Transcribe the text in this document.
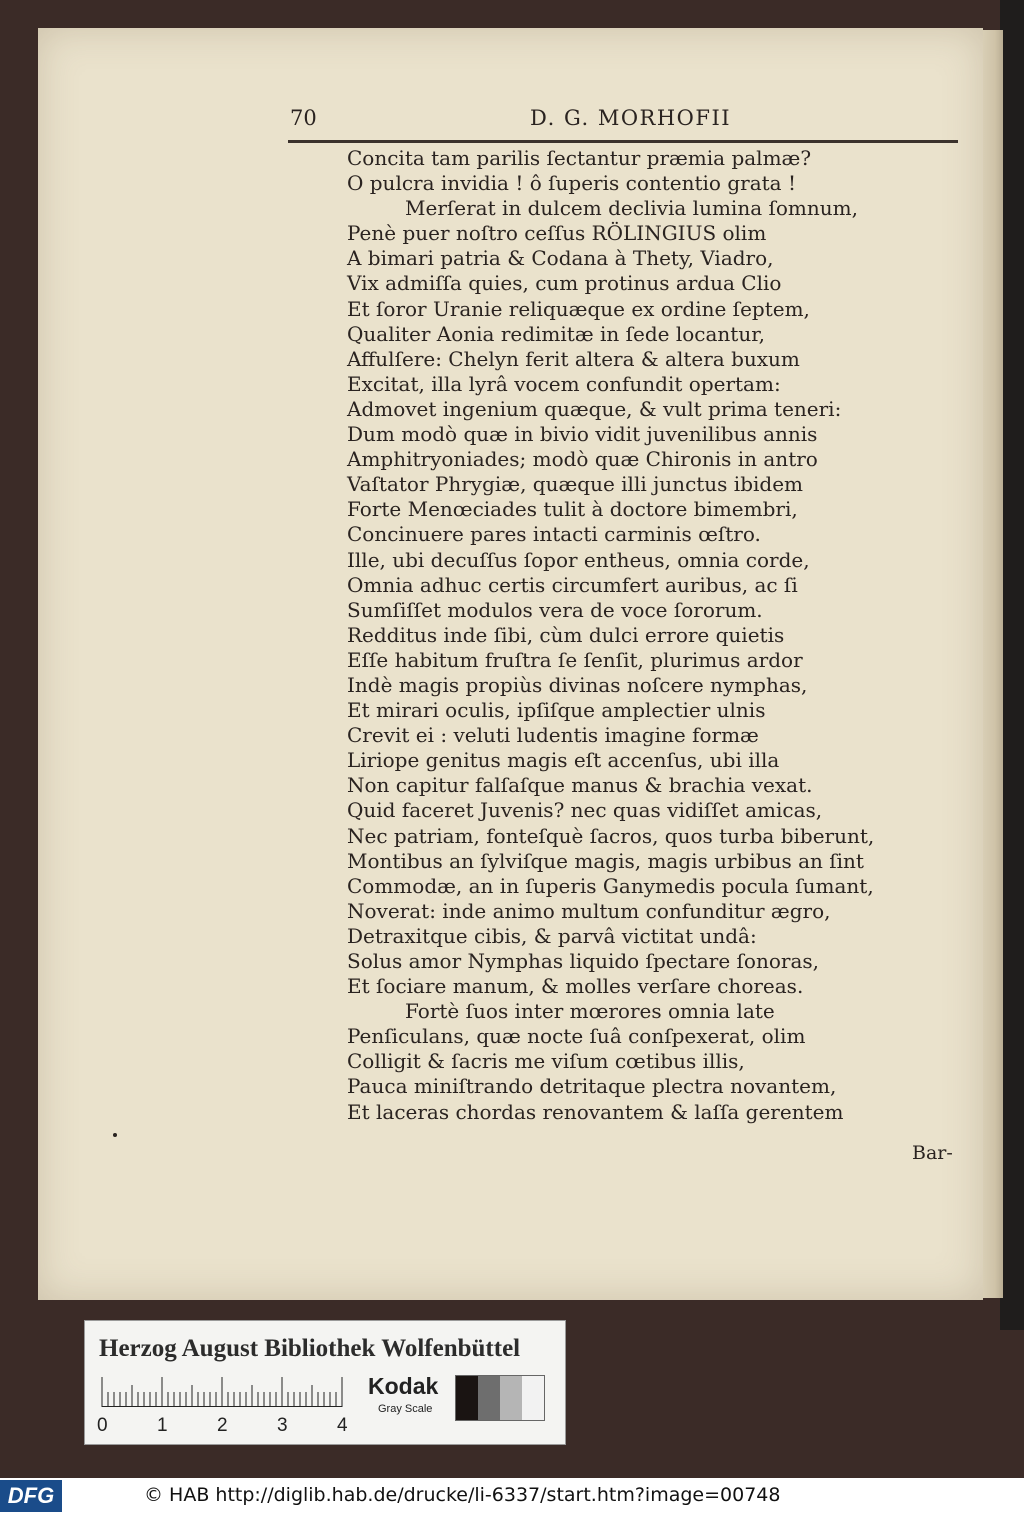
70	D. G. MORHOFII
Concita tam parilis ſectantur præmia palmæ?
O pulcra invidia ! ô ſuperis contentio grata !
Merſerat in dulcem declivia lumina ſomnum,
Penè puer noſtro ceſſus RÖLINGIUS olim
A bimari patria & Codana à Thety, Viadro,
Vix admiſſa quies, cum protinus ardua Clio
Et ſoror Uranie reliquæque ex ordine ſeptem,
Qualiter Aonia redimitæ in ſede locantur,
Affulſere: Chelyn ferit altera & altera buxum
Excitat, illa lyrâ vocem confundit opertam:
Admovet ingenium quæque, & vult prima teneri:
Dum modò quæ in bivio vidit juvenilibus annis
Amphitryoniades; modò quæ Chironis in antro
Vaſtator Phrygiæ, quæque illi junctus ibidem
Forte Menœciades tulit à doctore bimembri,
Concinuere pares intacti carminis œſtro.
Ille, ubi decuſſus ſopor entheus, omnia corde,
Omnia adhuc certis circumfert auribus, ac ſi
Sumſiſſet modulos vera de voce ſororum.
Redditus inde ſibi, cùm dulci errore quietis
Eſſe habitum fruſtra ſe ſenſit, plurimus ardor
Indè magis propiùs divinas noſcere nymphas,
Et mirari oculis, ipſiſque amplectier ulnis
Crevit ei : veluti ludentis imagine formæ
Liriope genitus magis eſt accenſus, ubi illa
Non capitur falſaſque manus & brachia vexat.
Quid faceret Juvenis? nec quas vidiſſet amicas,
Nec patriam, fonteſquè ſacros, quos turba biberunt,
Montibus an ſylviſque magis, magis urbibus an ſint
Commodæ, an in ſuperis Ganymedis pocula ſumant,
Noverat: inde animo multum confunditur ægro,
Detraxitque cibis, & parvâ victitat undâ:
Solus amor Nymphas liquido ſpectare ſonoras,
Et ſociare manum, & molles verſare choreas.
Fortè ſuos inter mœrores omnia late
Penſiculans, quæ nocte ſuâ conſpexerat, olim
Colligit & ſacris me viſum cœtibus illis,
Pauca miniſtrando detritaque plectra novantem,
Et laceras chordas renovantem & laſſa gerentem
Bar-
Herzog August Bibliothek Wolfenbüttel
0	1	2	3	4
Kodak
Gray Scale
DFG	© HAB http://diglib.hab.de/drucke/li-6337/start.htm?image=00748
